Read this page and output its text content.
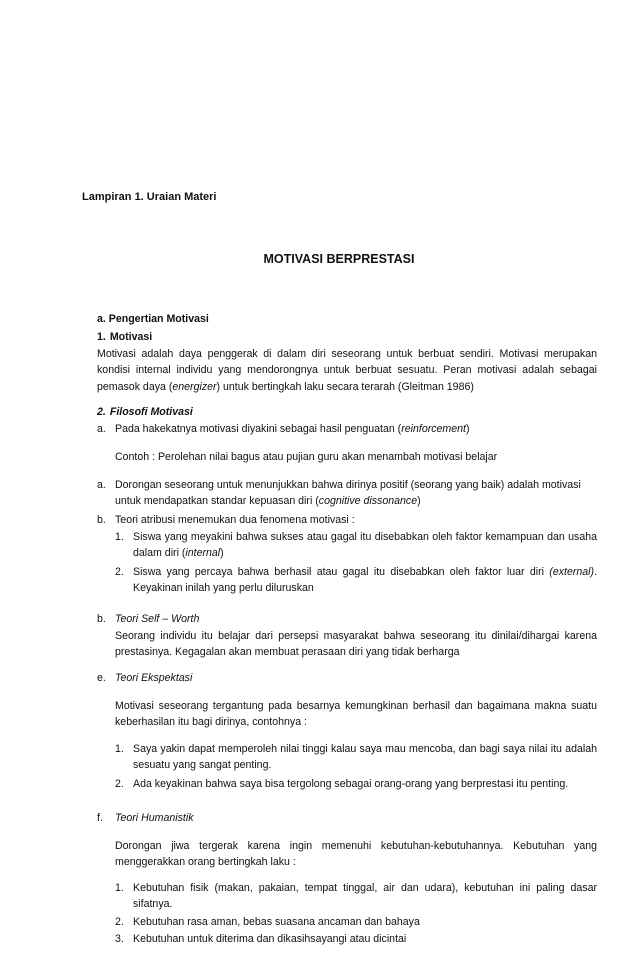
Lampiran 1. Uraian Materi

MOTIVASI BERPRESTASI

a. Pengertian Motivasi

1. Motivasi

Motivasi adalah daya penggerak di dalam diri seseorang untuk berbuat sendiri. Motivasi merupakan kondisi internal individu yang mendorongnya untuk berbuat sesuatu. Peran motivasi adalah sebagai pemasok daya (energizer) untuk bertingkah laku secara terarah (Gleitman 1986)

2. Filosofi Motivasi
a. Pada hakekatnya motivasi diyakini sebagai hasil penguatan (reinforcement)

Contoh : Perolehan nilai bagus atau pujian guru akan menambah motivasi belajar

a. Dorongan seseorang untuk menunjukkan bahwa dirinya positif (seorang yang baik) adalah motivasi untuk mendapatkan standar kepuasan diri (cognitive dissonance)
b. Teori atribusi menemukan dua fenomena motivasi :
1. Siswa yang meyakini bahwa sukses atau gagal itu disebabkan oleh faktor kemampuan dan usaha dalam diri (internal)
2. Siswa yang percaya bahwa berhasil atau gagal itu disebabkan oleh faktor luar diri (external). Keyakinan inilah yang perlu diluruskan
b. Teori Self – Worth

Seorang individu itu belajar dari persepsi masyarakat bahwa seseorang itu dinilai/dihargai karena prestasinya. Kegagalan akan membuat perasaan diri yang tidak berharga

e. Teori Ekspektasi

Motivasi seseorang tergantung pada besarnya kemungkinan berhasil dan bagaimana makna suatu keberhasilan itu bagi dirinya, contohnya :

1. Saya yakin dapat memperoleh nilai tinggi kalau saya mau mencoba, dan bagi saya nilai itu adalah sesuatu yang sangat penting.
2. Ada keyakinan bahwa saya bisa tergolong sebagai orang-orang yang berprestasi itu penting.
f. Teori Humanistik

Dorongan jiwa tergerak karena ingin memenuhi kebutuhan-kebutuhannya. Kebutuhan yang menggerakkan orang bertingkah laku :

1. Kebutuhan fisik (makan, pakaian, tempat tinggal, air dan udara), kebutuhan ini paling dasar sifatnya.
2. Kebutuhan rasa aman, bebas suasana ancaman dan bahaya
3. Kebutuhan untuk diterima dan dikasihsayangi atau dicintai
